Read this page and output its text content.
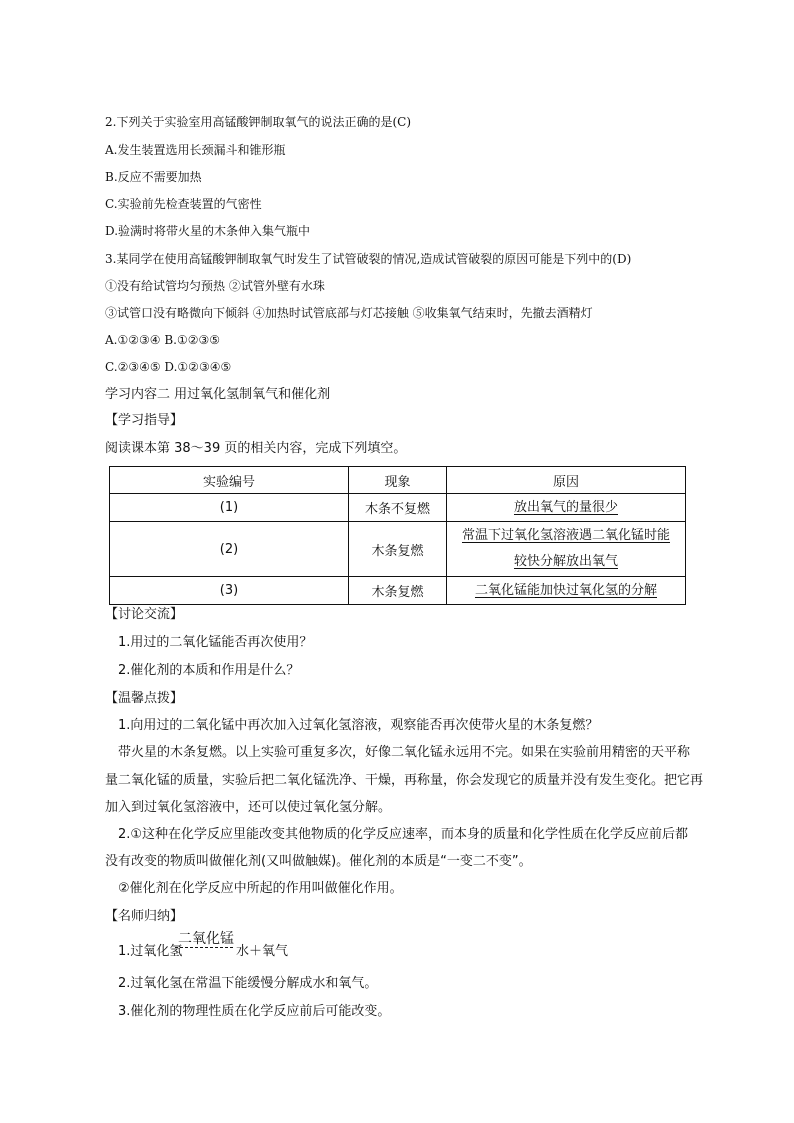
2.下列关于实验室用高锰酸钾制取氧气的说法正确的是(C)
A.发生装置选用长颈漏斗和锥形瓶
B.反应不需要加热
C.实验前先检查装置的气密性
D.验满时将带火星的木条伸入集气瓶中
3.某同学在使用高锰酸钾制取氧气时发生了试管破裂的情况,造成试管破裂的原因可能是下列中的(D)
①没有给试管均匀预热 ②试管外壁有水珠
③试管口没有略微向下倾斜 ④加热时试管底部与灯芯接触 ⑤收集氧气结束时，先撤去酒精灯
A.①②③④ B.①②③⑤
C.②③④⑤ D.①②③④⑤
学习内容二 用过氧化氢制氧气和催化剂
【学习指导】
阅读课本第 38～39 页的相关内容，完成下列填空。
实验编号	现象	原因
(1)	木条不复燃	放出氧气的量很少
(2)	木条复燃	常温下过氧化氢溶液遇二氧化锰时能
较快分解放出氧气
(3)	木条复燃	二氧化锰能加快过氧化氢的分解
【讨论交流】
1.用过的二氧化锰能否再次使用？
2.催化剂的本质和作用是什么？
【温馨点拨】
1.向用过的二氧化锰中再次加入过氧化氢溶液，观察能否再次使带火星的木条复燃？
带火星的木条复燃。以上实验可重复多次，好像二氧化锰永远用不完。如果在实验前用精密的天平称
量二氧化锰的质量，实验后把二氧化锰洗净、干燥，再称量，你会发现它的质量并没有发生变化。把它再
加入到过氧化氢溶液中，还可以使过氧化氢分解。
2.①这种在化学反应里能改变其他物质的化学反应速率，而本身的质量和化学性质在化学反应前后都
没有改变的物质叫做催化剂(又叫做触媒)。催化剂的本质是“一变二不变”。
②催化剂在化学反应中所起的作用叫做催化作用。
【名师归纳】
1.过氧化氢
二氧化锰
水＋氧气
2.过氧化氢在常温下能缓慢分解成水和氧气。
3.催化剂的物理性质在化学反应前后可能改变。
